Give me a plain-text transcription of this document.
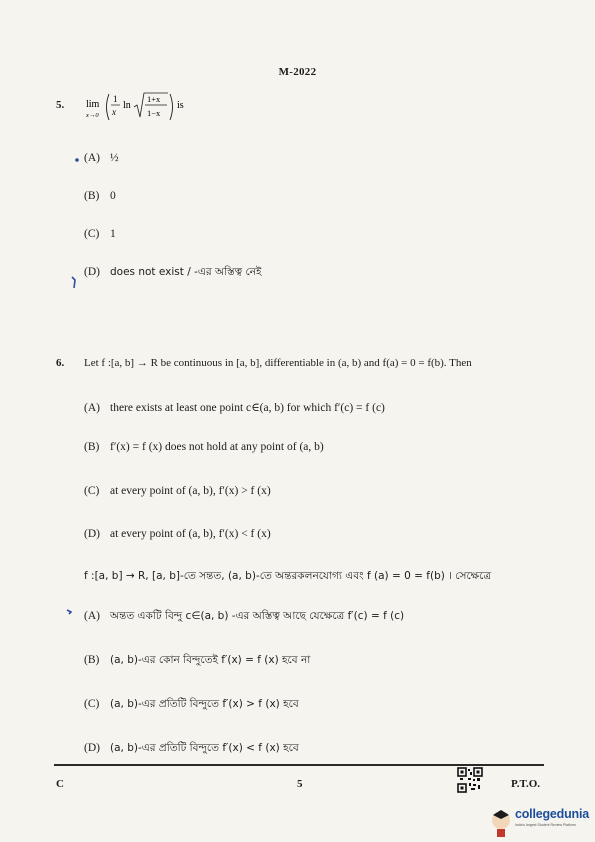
M-2022
5. lim
x→0
1
x
ln
1+x
1−x
is
(A) ½
(B) 0
(C) 1
(D) does not exist / -এর অস্তিত্ব নেই
6. Let f :[a, b] → R be continuous in [a, b], differentiable in (a, b) and f(a) = 0 = f(b). Then
(A) there exists at least one point c∈(a, b) for which f′(c) = f (c)
(B) f′(x) = f (x) does not hold at any point of (a, b)
(C) at every point of (a, b), f′(x) > f (x)
(D) at every point of (a, b), f′(x) < f (x)
f :[a, b] → R, [a, b]-তে সন্তত, (a, b)-তে অন্তরকলনযোগ্য এবং f (a) = 0 = f(b) । সেক্ষেত্রে
(A) অন্তত একটি বিন্দু c∈(a, b) -এর অস্তিত্ব আছে যেক্ষেত্রে f′(c) = f (c)
(B) (a, b)-এর কোন বিন্দুতেই f′(x) = f (x) হবে না
(C) (a, b)-এর প্রতিটি বিন্দুতে f′(x) > f (x) হবে
(D) (a, b)-এর প্রতিটি বিন্দুতে f′(x) < f (x) হবে
C	5	P.T.O.
collegedunia
India's largest Student Review Platform
